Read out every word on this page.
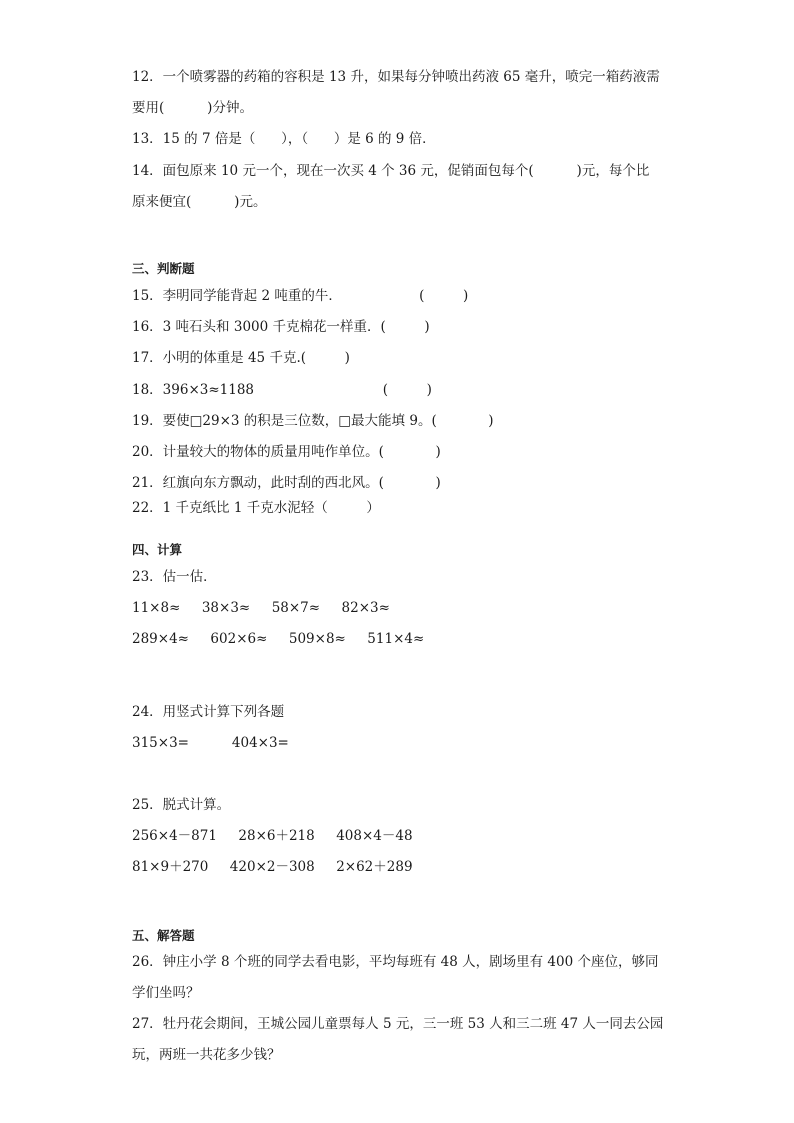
12．一个喷雾器的药箱的容积是 13 升，如果每分钟喷出药液 65 毫升，喷完一箱药液需
要用(          )分钟。
13．15 的 7 倍是（      ），（      ）是 6 的 9 倍．
14．面包原来 10 元一个，现在一次买 4 个 36 元，促销面包每个(          )元，每个比
原来便宜(          )元。
三、判断题
15．李明同学能背起 2 吨重的牛．                  (         )
16．3 吨石头和 3000 千克棉花一样重．(         )
17．小明的体重是 45 千克.(         )
18．396×3≈1188                              (         )
19．要使□29×3 的积是三位数，□最大能填 9。(            )
20．计量较大的物体的质量用吨作单位。(            )
21．红旗向东方飘动，此时刮的西北风。(            )
22．1 千克纸比 1 千克水泥轻（         ）
四、计算
23．估一估．
11×8≈     38×3≈     58×7≈     82×3≈
289×4≈     602×6≈     509×8≈     511×4≈
24．用竖式计算下列各题
315×3=          404×3=
25．脱式计算。
256×4－871     28×6＋218     408×4－48
81×9＋270     420×2－308     2×62＋289
五、解答题
26．钟庄小学 8 个班的同学去看电影，平均每班有 48 人，剧场里有 400 个座位，够同
学们坐吗？
27．牡丹花会期间，王城公园儿童票每人 5 元，三一班 53 人和三二班 47 人一同去公园
玩，两班一共花多少钱？
